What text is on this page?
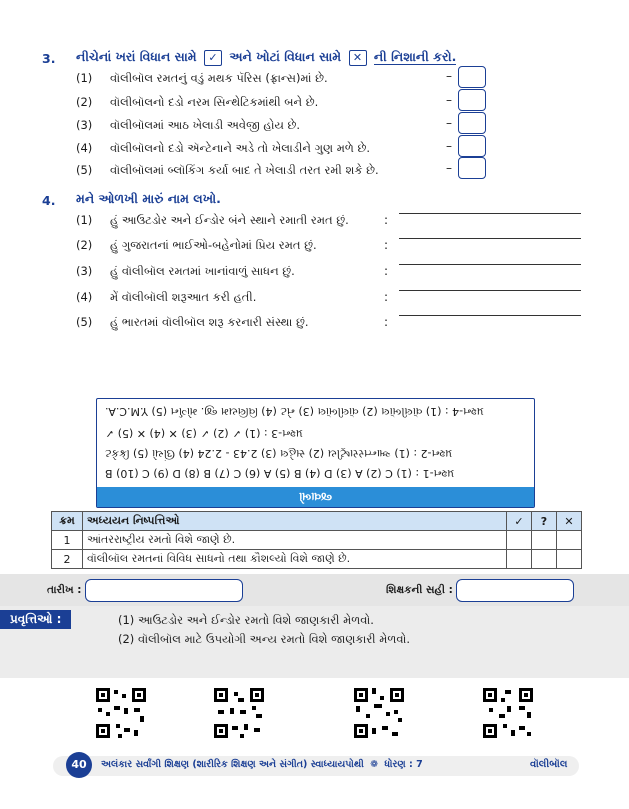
3. નીચેનાં ખરાં વિધાન સામે ✓ અને ખોટાં વિધાન સામે ✕ ની નિશાની કરો.
(1) વૉલીબૉલ રમતનું વડું મથક પૅરિસ (ફ્રાન્સ)માં છે.
(2) વૉલીબૉલનો દડો નરમ સિન્થેટિકમાંથી બને છે.
(3) વૉલીબૉલમાં આઠ ખેલાડી અવેજી હોય છે.
(4) વૉલીબૉલનો દડો ઍન્ટેનાને અડે તો ખેલાડીને ગુણ મળે છે.
(5) વૉલીબૉલમાં બ્લૉકિંગ કર્યા બાદ તે ખેલાડી તરત રમી શકે છે.
–
–
–
–
–
4. મને ઓળખી મારું નામ લખો.
(1) હું આઉટડોર અને ઈન્ડોર બંને સ્થાને રમાતી રમત છું.
(2) હું ગુજરાતનાં ભાઈઓ-બહેનોમાં પ્રિય રમત છું.
(3) હું વૉલીબૉલ રમતમાં ખાનાંવાળું સાધન છું.
(4) મેં વૉલીબૉલી શરૂઆત કરી હતી.
(5) હું ભારતમાં વૉલીબૉલ શરૂ કરનારી સંસ્થા છું.
:
:
:
:
:
પ્રશ્ન-4 : (1) વૉલીબૉલ (2) વૉલીબૉલ (3) નેટ (4) વિલિયમ જી. મોર્ગન (5) Y.M.C.A.
પ્રશ્ન-3 : (1) ✓ (2) ✓ (3) ✕ (4) ✕ (5) ✓
પ્રશ્ન-2 : (1) આન્તરરાષ્ટ્રીય (2) સહેલ (3) 2.43 - 2.24 (4) ઊંચો (5) ક્રિકેટ
પ્રશ્ન-1 : (1) C (2) A (3) D (4) B (5) A (6) C (7) B (8) D (9) C (10) B
જવાબો
ક્રમ	અધ્યયન નિષ્પત્તિઓ	✓	?	✕
1	આંતરરાષ્ટ્રીય રમતો વિશે જાણે છે.			
2	વૉલીબૉલ રમતનાં વિવિધ સાધનો તથા કૌશલ્યો વિશે જાણે છે.			
તારીખ :	શિક્ષકની સહી :
પ્રવૃત્તિઓ :	(1) આઉટડોર અને ઈન્ડોર રમતો વિશે જાણકારી મેળવો.
(2) વૉલીબૉલ માટે ઉપયોગી અન્ય રમતો વિશે જાણકારી મેળવો.
40	અલંકાર સર્વાંગી શિક્ષણ (શારીરિક શિક્ષણ અને સંગીત) સ્વાધ્યાયપોથી ❁ ધોરણ : 7	વૉલીબૉલ
